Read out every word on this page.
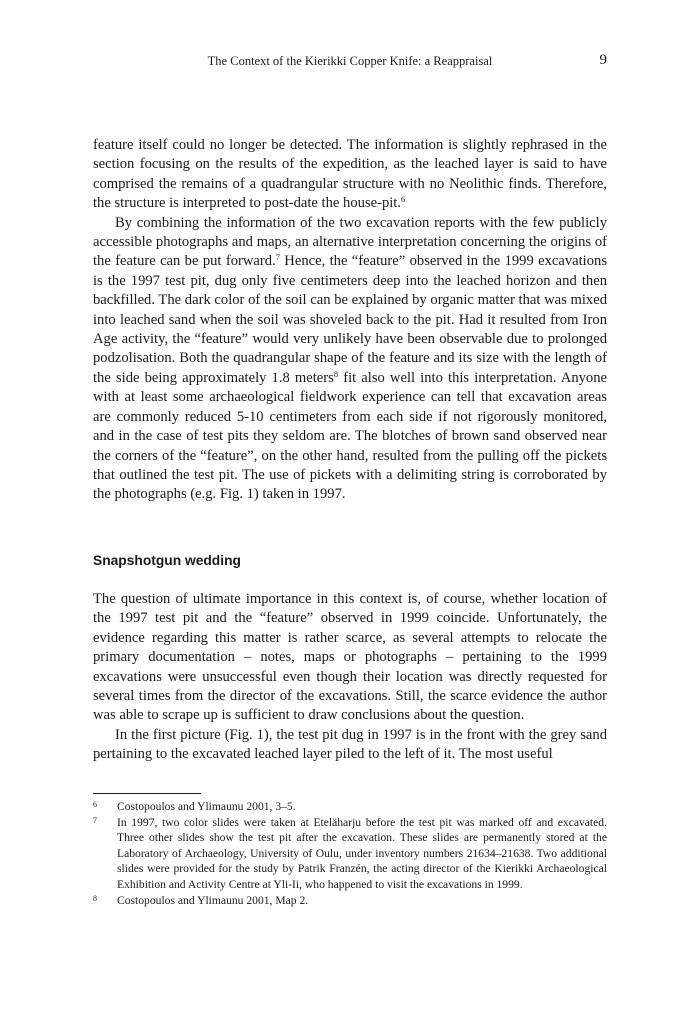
The Context of the Kierikki Copper Knife: a Reappraisal	9

feature itself could no longer be detected. The information is slightly rephrased in the section focusing on the results of the expedition, as the leached layer is said to have comprised the remains of a quadrangular structure with no Neolithic finds. Therefore, the structure is interpreted to post-date the house-pit.$^6$

By combining the information of the two excavation reports with the few publicly accessible photographs and maps, an alternative interpretation concerning the origins of the feature can be put forward.$^7$ Hence, the “feature” observed in the 1999 excavations is the 1997 test pit, dug only five centimeters deep into the leached horizon and then backfilled. The dark color of the soil can be explained by organic matter that was mixed into leached sand when the soil was shoveled back to the pit. Had it resulted from Iron Age activity, the “feature” would very unlikely have been observable due to prolonged podzolisation. Both the quadrangular shape of the feature and its size with the length of the side being approximately 1.8 meters$^8$ fit also well into this interpretation. Anyone with at least some archaeological fieldwork experience can tell that excavation areas are commonly reduced 5-10 centimeters from each side if not rigorously monitored, and in the case of test pits they seldom are. The blotches of brown sand observed near the corners of the “feature”, on the other hand, resulted from the pulling off the pickets that outlined the test pit. The use of pickets with a delimiting string is corroborated by the photographs (e.g. Fig. 1) taken in 1997.

Snapshotgun wedding

The question of ultimate importance in this context is, of course, whether location of the 1997 test pit and the “feature” observed in 1999 coincide. Unfortunately, the evidence regarding this matter is rather scarce, as several attempts to relocate the primary documentation – notes, maps or photographs – pertaining to the 1999 excavations were unsuccessful even though their location was directly requested for several times from the director of the excavations. Still, the scarce evidence the author was able to scrape up is sufficient to draw conclusions about the question.

In the first picture (Fig. 1), the test pit dug in 1997 is in the front with the grey sand pertaining to the excavated leached layer piled to the left of it. The most useful

6 Costopoulos and Ylimaunu 2001, 3–5.
7 In 1997, two color slides were taken at Eteläharju before the test pit was marked off and excavated. Three other slides show the test pit after the excavation. These slides are permanently stored at the Laboratory of Archaeology, University of Oulu, under inventory numbers 21634–21638. Two additional slides were provided for the study by Patrik Franzén, the acting director of the Kierikki Archaeological Exhibition and Activity Centre at Yli-Ii, who happened to visit the excavations in 1999.
8 Costopoulos and Ylimaunu 2001, Map 2.
